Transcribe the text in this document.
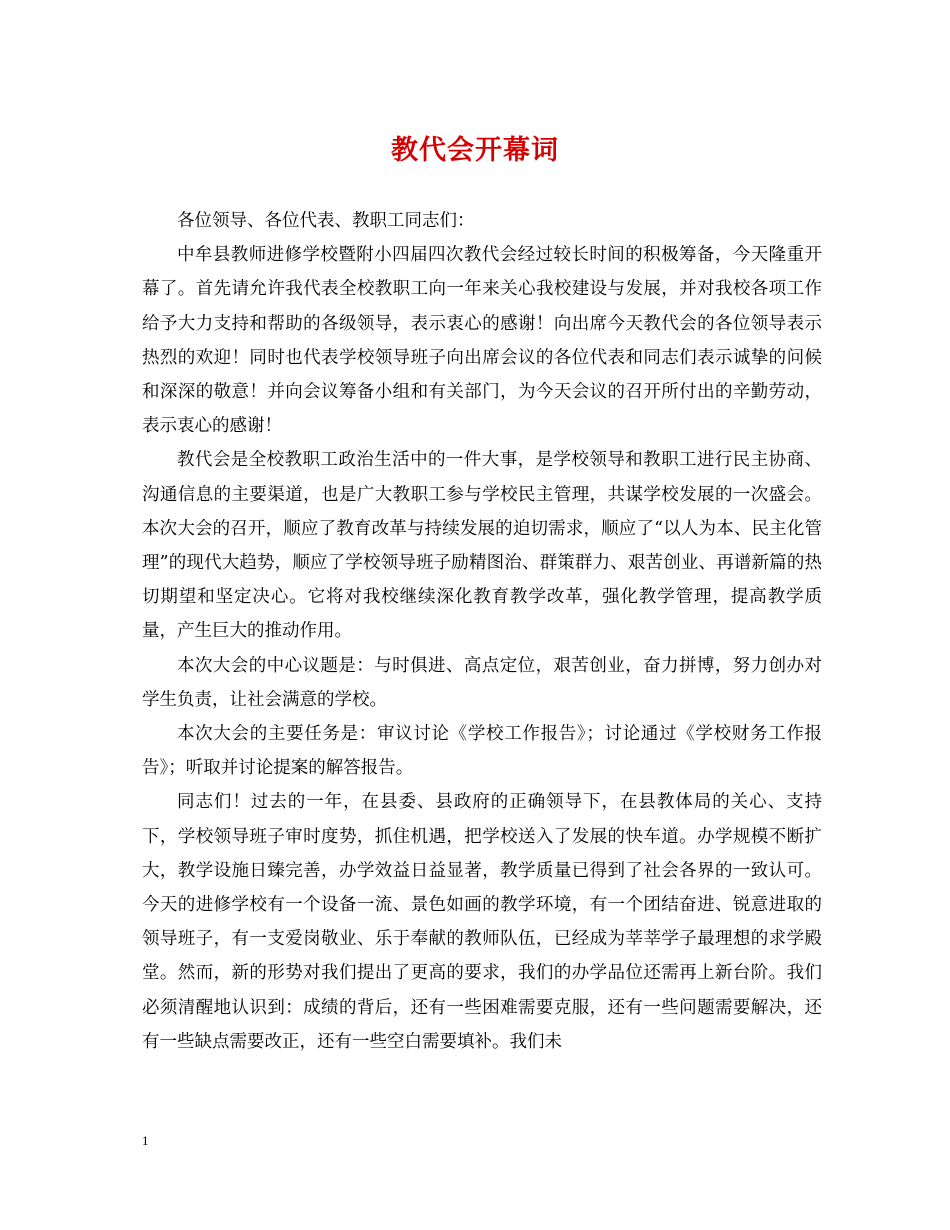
教代会开幕词

各位领导、各位代表、教职工同志们：

中牟县教师进修学校暨附小四届四次教代会经过较长时间的积极筹备，今天隆重开幕了。首先请允许我代表全校教职工向一年来关心我校建设与发展，并对我校各项工作给予大力支持和帮助的各级领导，表示衷心的感谢！向出席今天教代会的各位领导表示热烈的欢迎！同时也代表学校领导班子向出席会议的各位代表和同志们表示诚挚的问候和深深的敬意！并向会议筹备小组和有关部门，为今天会议的召开所付出的辛勤劳动，表示衷心的感谢！

教代会是全校教职工政治生活中的一件大事，是学校领导和教职工进行民主协商、沟通信息的主要渠道，也是广大教职工参与学校民主管理，共谋学校发展的一次盛会。本次大会的召开，顺应了教育改革与持续发展的迫切需求，顺应了“以人为本、民主化管理”的现代大趋势，顺应了学校领导班子励精图治、群策群力、艰苦创业、再谱新篇的热切期望和坚定决心。它将对我校继续深化教育教学改革，强化教学管理，提高教学质量，产生巨大的推动作用。

本次大会的中心议题是：与时俱进、高点定位，艰苦创业，奋力拼博，努力创办对学生负责，让社会满意的学校。

本次大会的主要任务是：审议讨论《学校工作报告》；讨论通过《学校财务工作报告》；听取并讨论提案的解答报告。

同志们！过去的一年，在县委、县政府的正确领导下，在县教体局的关心、支持下，学校领导班子审时度势，抓住机遇，把学校送入了发展的快车道。办学规模不断扩大，教学设施日臻完善，办学效益日益显著，教学质量已得到了社会各界的一致认可。今天的进修学校有一个设备一流、景色如画的教学环境，有一个团结奋进、锐意进取的领导班子，有一支爱岗敬业、乐于奉献的教师队伍，已经成为莘莘学子最理想的求学殿堂。然而，新的形势对我们提出了更高的要求，我们的办学品位还需再上新台阶。我们必须清醒地认识到：成绩的背后，还有一些困难需要克服，还有一些问题需要解决，还有一些缺点需要改正，还有一些空白需要填补。我们未

1
